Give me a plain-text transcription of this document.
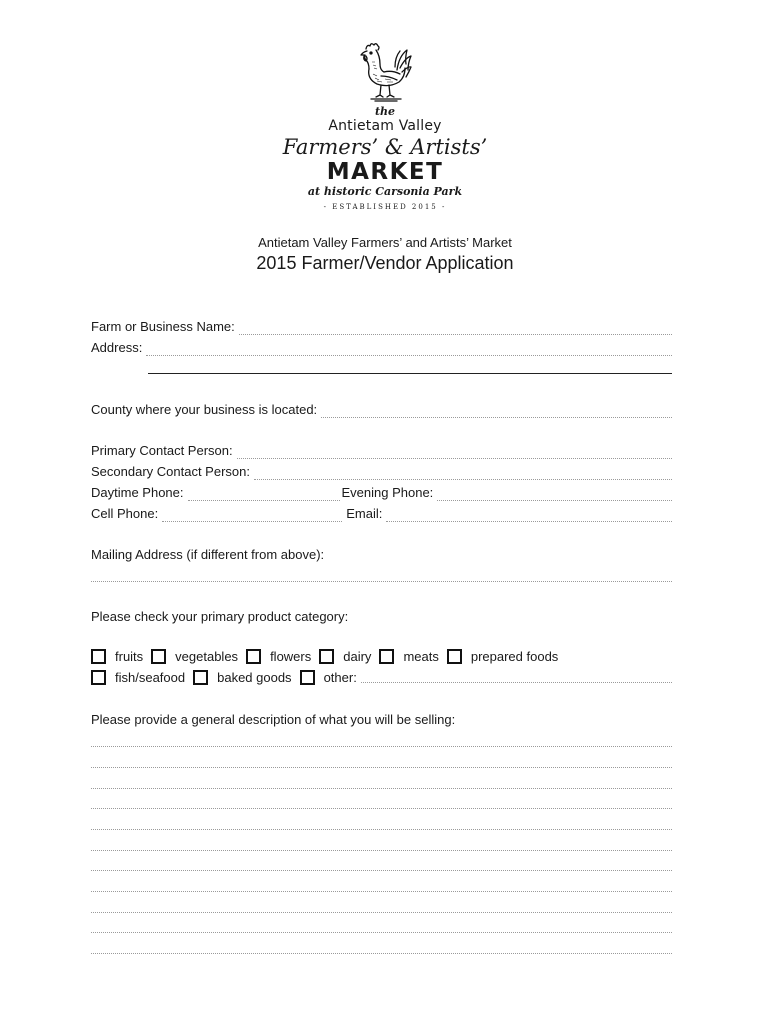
the
Antietam Valley
Farmers’ & Artists’
MARKET
at historic Carsonia Park
- ESTABLISHED 2015 -
Antietam Valley Farmers’ and Artists’ Market
2015 Farmer/Vendor Application
Farm or Business Name:
Address:
County where your business is located:
Primary Contact Person:
Secondary Contact Person:
Daytime Phone:	Evening Phone:
Cell Phone:	Email:
Mailing Address (if different from above):
Please check your primary product category:
fruits vegetables flowers dairy meats prepared foods
fish/seafood baked goods other:
Please provide a general description of what you will be selling:
